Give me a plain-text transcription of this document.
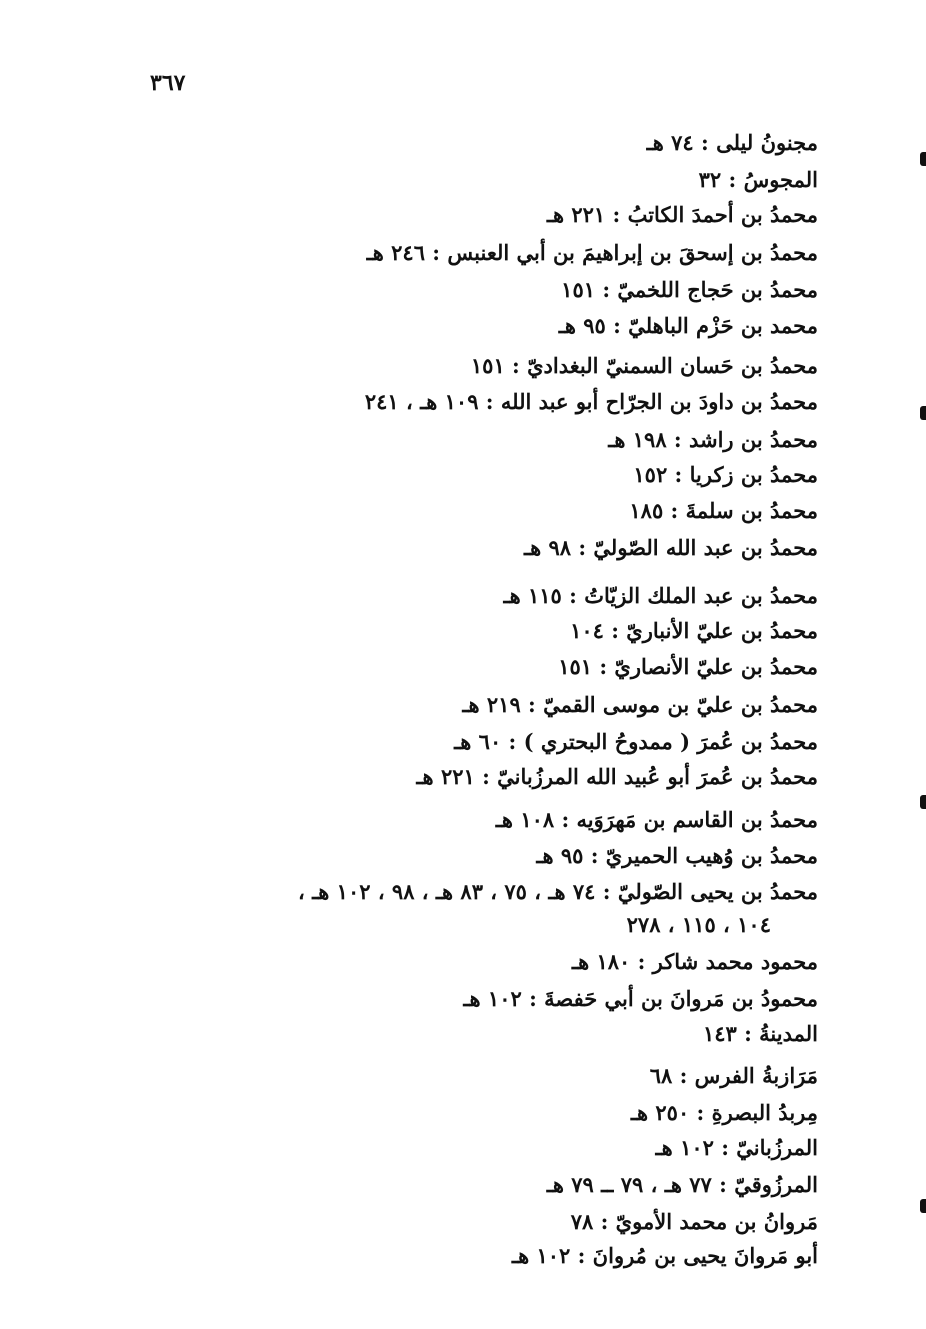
٣٦٧
مجنونُ ليلى : ٧٤ هـ
المجوسُ : ٣٢
محمدُ بن أحمدَ الكاتبُ : ٢٢١ هـ
محمدُ بن إسحقَ بن إبراهيمَ بن أبي العنبس : ٢٤٦ هـ
محمدُ بن حَجاج اللخميّ : ١٥١
محمد بن حَزْم الباهليّ : ٩٥ هـ
محمدُ بن حَسان السمنيّ البغداديّ : ١٥١
محمدُ بن داودَ بن الجرّاح أبو عبد الله : ١٠٩ هـ ، ٢٤١
محمدُ بن راشد : ١٩٨ هـ
محمدُ بن زكريا : ١٥٢
محمدُ بن سلمةَ : ١٨٥
محمدُ بن عبد الله الصّوليّ : ٩٨ هـ
محمدُ بن عبد الملك الزيّاتُ : ١١٥ هـ
محمدُ بن عليّ الأنباريّ : ١٠٤
محمدُ بن عليّ الأنصاريّ : ١٥١
محمدُ بن عليّ بن موسى القميّ : ٢١٩ هـ
محمدُ بن عُمرَ ( ممدوحُ البحتري ) : ٦٠ هـ
محمدُ بن عُمرَ أبو عُبيد الله المرزُبانيّ : ٢٢١ هـ
محمدُ بن القاسم بن مَهرَوَيه : ١٠٨ هـ
محمدُ بن وُهيب الحميريّ : ٩٥ هـ
محمدُ بن يحيى الصّوليّ : ٧٤ هـ ، ٧٥ ، ٨٣ هـ ، ٩٨ ، ١٠٢ هـ ،
١٠٤ ، ١١٥ ، ٢٧٨
محمود محمد شاكر : ١٨٠ هـ
محمودُ بن مَروانَ بن أبي حَفصةَ : ١٠٢ هـ
المدينةُ : ١٤٣
مَرَازبةُ الفرس : ٦٨
مِربدُ البصرةِ : ٢٥٠ هـ
المرزُبانيّ : ١٠٢ هـ
المرزُوقيّ : ٧٧ هـ ، ٧٩ ــ ٧٩ هـ
مَروانُ بن محمد الأمويّ : ٧٨
أبو مَروانَ يحيى بن مُروانَ : ١٠٢ هـ
